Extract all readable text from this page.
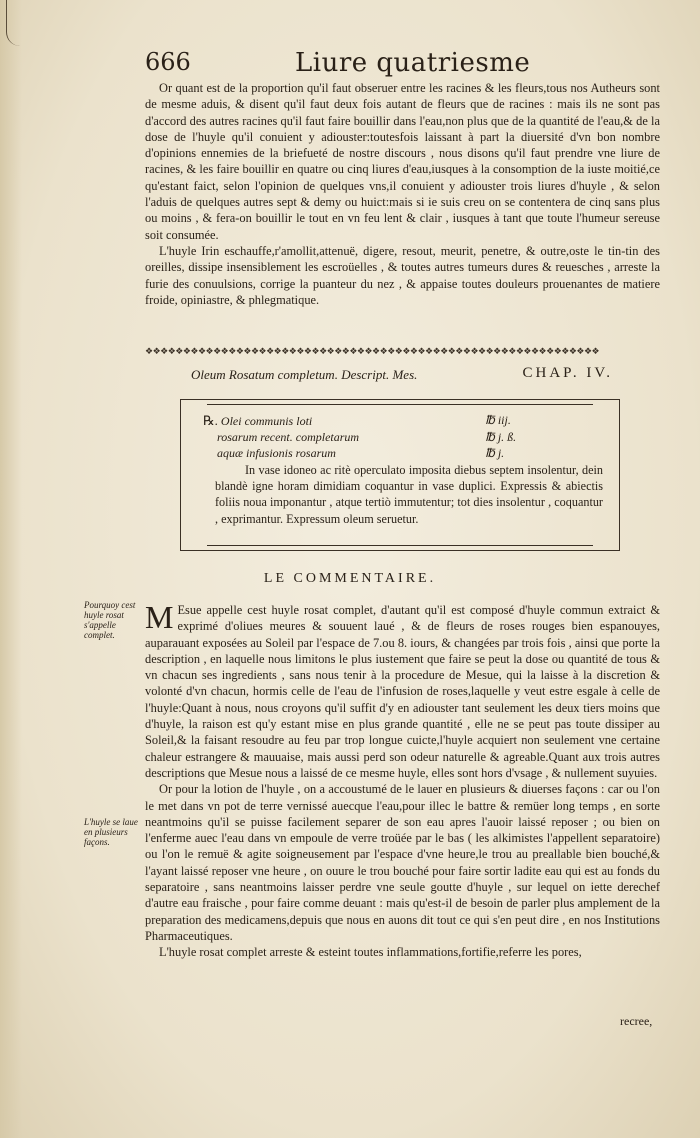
666	Liure quatriesme

Or quant est de la proportion qu'il faut obseruer entre les racines & les fleurs,tous nos Autheurs sont de mesme aduis, & disent qu'il faut deux fois autant de fleurs que de racines : mais ils ne sont pas d'accord des autres racines qu'il faut faire bouillir dans l'eau,non plus que de la quantité de l'eau,& de la dose de l'huyle qu'il conuient y adiouster:toutesfois laissant à part la diuersité d'vn bon nombre d'opinions ennemies de la briefueté de nostre discours , nous disons qu'il faut prendre vne liure de racines, & les faire bouillir en quatre ou cinq liures d'eau,iusques à la consomption de la iuste moitié,ce qu'estant faict, selon l'opinion de quelques vns,il conuient y adiouster trois liures d'huyle , & selon l'aduis de quelques autres sept & demy ou huict:mais si ie suis creu on se contentera de cinq sans plus ou moins , & fera-on bouillir le tout en vn feu lent & clair , iusques à tant que toute l'humeur sereuse soit consumée.

L'huyle Irin eschauffe,r'amollit,attenuë, digere, resout, meurit, penetre, & outre,oste le tin-tin des oreilles, dissipe insensiblement les escroüelles , & toutes autres tumeurs dures & reuesches , arreste la furie des conuulsions, corrige la puanteur du nez , & appaise toutes douleurs prouenantes de matiere froide, opiniastre, & phlegmatique.

❖❖❖❖❖❖❖❖❖❖❖❖❖❖❖❖❖❖❖❖❖❖❖❖❖❖❖❖❖❖❖❖❖❖❖❖❖❖❖❖❖❖❖❖❖❖❖❖❖❖❖❖❖❖❖❖❖❖❖❖
Oleum Rosatum completum. Descript. Mes.	CHAP. IV.
℞. Olei communis loti	℔ iij.
rosarum recent. completarum	℔ j. ß.
aquæ infusionis rosarum	℔ j.

In vase idoneo ac ritè operculato imposita diebus septem insolentur, dein blandè igne horam dimidiam coquantur in vase duplici. Expressis & abiectis foliis noua imponantur , atque tertiò immutentur; tot dies insolentur , coquantur , exprimantur. Expressum oleum seruetur.

LE COMMENTAIRE.
Pourquoy cest huyle rosat s'appelle complet.
L'huyle se laue en plusieurs façons.

M Esue appelle cest huyle rosat complet, d'autant qu'il est composé d'huyle commun extraict & exprimé d'oliues meures & souuent laué , & de fleurs de roses rouges bien espanouyes, auparauant exposées au Soleil par l'espace de 7.ou 8. iours, & changées par trois fois , ainsi que porte la description , en laquelle nous limitons le plus iustement que faire se peut la dose ou quantité de tous & vn chacun ses ingredients , sans nous tenir à la procedure de Mesue, qui la laisse à la discretion & volonté d'vn chacun, hormis celle de l'eau de l'infusion de roses,laquelle y veut estre esgale à celle de l'huyle:Quant à nous, nous croyons qu'il suffit d'y en adiouster tant seulement les deux tiers moins que d'huyle, la raison est qu'y estant mise en plus grande quantité , elle ne se peut pas toute dissiper au Soleil,& la faisant resoudre au feu par trop longue cuicte,l'huyle acquiert non seulement vne certaine chaleur estrangere & mauuaise, mais aussi perd son odeur naturelle & agreable.Quant aux trois autres descriptions que Mesue nous a laissé de ce mesme huyle, elles sont hors d'vsage , & nullement suyuies.

Or pour la lotion de l'huyle , on a accoustumé de le lauer en plusieurs & diuerses façons : car ou l'on le met dans vn pot de terre vernissé auecque l'eau,pour illec le battre & remüer long temps , en sorte neantmoins qu'il se puisse facilement separer de son eau apres l'auoir laissé reposer ; ou bien on l'enferme auec l'eau dans vn empoule de verre troüée par le bas ( les alkimistes l'appellent separatoire) ou l'on le remuë & agite soigneusement par l'espace d'vne heure,le trou au preallable bien bouché,& l'ayant laissé reposer vne heure , on ouure le trou bouché pour faire sortir ladite eau qui est au fonds du separatoire , sans neantmoins laisser perdre vne seule goutte d'huyle , sur lequel on iette derechef d'autre eau fraische , pour faire comme deuant : mais qu'est-il de besoin de parler plus amplement de la preparation des medicamens,depuis que nous en auons dit tout ce qui s'en peut dire , en nos Institutions Pharmaceutiques.

L'huyle rosat complet arreste & esteint toutes inflammations,fortifie,referre les pores,

recree,
